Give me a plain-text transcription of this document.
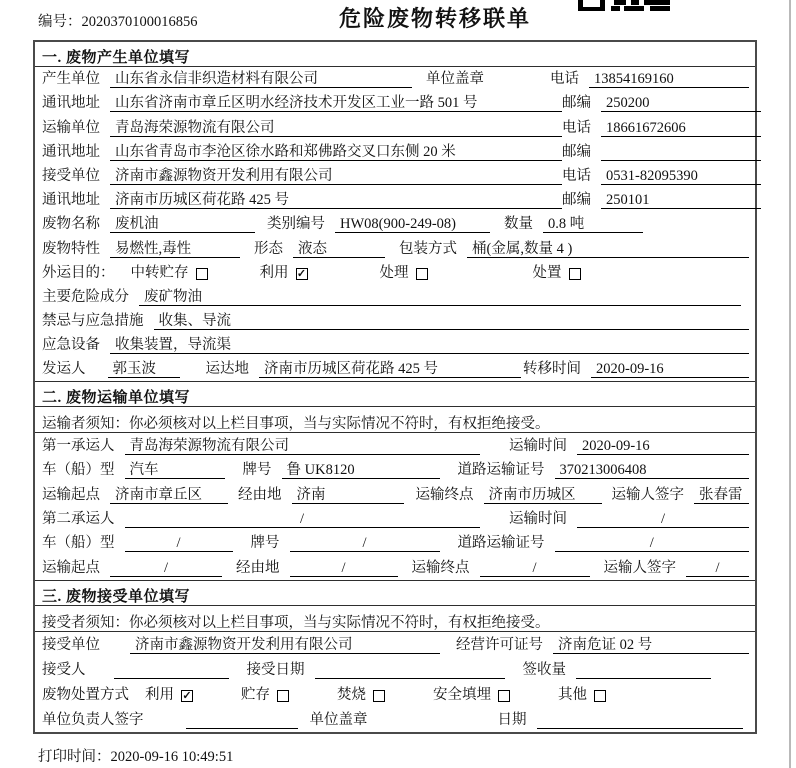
编号：2020370100016856	危险废物转移联单
一. 废物产生单位填写
产生单位	山东省永信非织造材料有限公司	单位盖章	电话	13854169160
通讯地址	山东省济南市章丘区明水经济技术开发区工业一路 501 号	邮编	250200
运输单位	青岛海荣源物流有限公司	电话	18661672606
通讯地址	山东省青岛市李沧区徐水路和郑佛路交叉口东侧 20 米	邮编
接受单位	济南市鑫源物资开发利用有限公司	电话	0531-82095390
通讯地址	济南市历城区荷花路 425 号	邮编	250101
废物名称	废机油	类别编号	HW08(900-249-08)	数量	0.8 吨
废物特性	易燃性,毒性	形态	液态	包装方式	桶(金属,数量 4 )
外运目的：	中转贮存	利用 ✓	处理	处置
主要危险成分	废矿物油
禁忌与应急措施	收集、导流
应急设备	收集装置，导流渠
发运人	郭玉波	运达地	济南市历城区荷花路 425 号	转移时间	2020-09-16
二. 废物运输单位填写
运输者须知：你必须核对以上栏目事项，当与实际情况不符时，有权拒绝接受。
第一承运人	青岛海荣源物流有限公司	运输时间	2020-09-16
车（船）型	汽车	牌号	鲁 UK8120	道路运输证号	370213006408
运输起点	济南市章丘区	经由地	济南	运输终点	济南市历城区	运输人签字	张春雷
第二承运人	/	运输时间	/
车（船）型	/	牌号	/	道路运输证号	/
运输起点	/	经由地	/	运输终点	/	运输人签字	/
三. 废物接受单位填写
接受者须知：你必须核对以上栏目事项，当与实际情况不符时，有权拒绝接受。
接受单位	济南市鑫源物资开发利用有限公司	经营许可证号	济南危证 02 号
接受人	接受日期	签收量
废物处置方式	利用 ✓	贮存	焚烧	安全填埋	其他
单位负责人签字	单位盖章	日期
打印时间：2020-09-16 10:49:51
